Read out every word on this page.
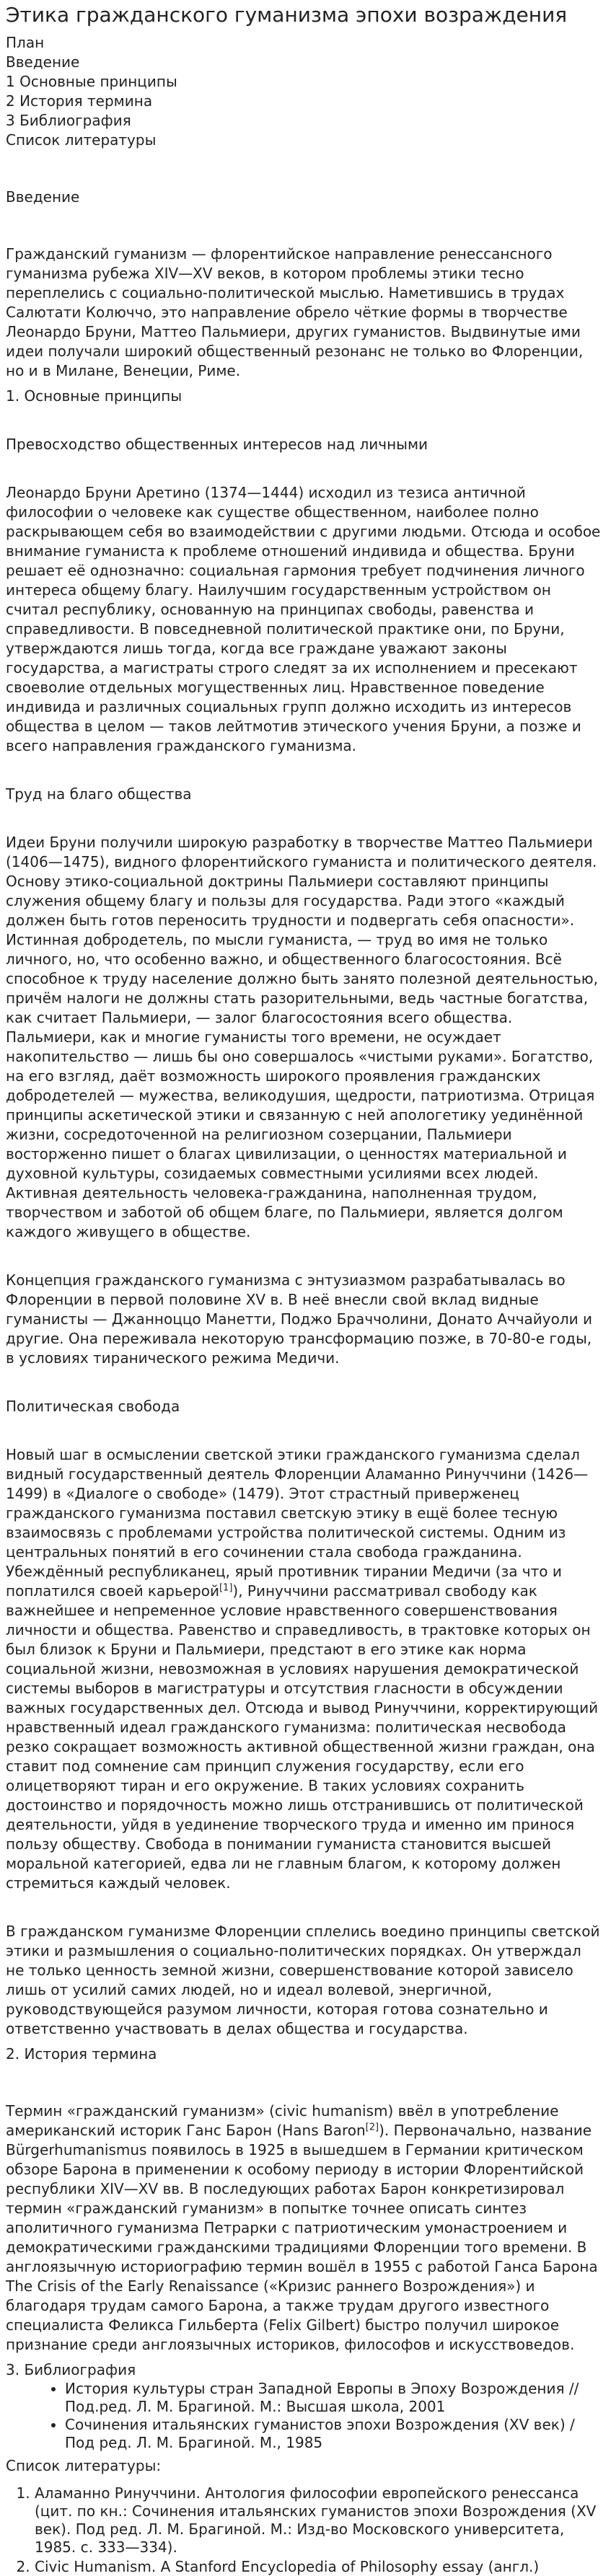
Этика гражданского гуманизма эпохи возраждения

План

Введение

1 Основные принципы

2 История термина

3 Библиография

Список литературы

Введение

Гражданский гуманизм — флорентийское направление ренессансного гуманизма рубежа XIV—XV веков, в котором проблемы этики тесно переплелись с социально-политической мыслью. Наметившись в трудах Салютати Колюччо, это направление обрело чёткие формы в творчестве Леонардо Бруни, Маттео Пальмиери, других гуманистов. Выдвинутые ими идеи получали широкий общественный резонанс не только во Флоренции, но и в Милане, Венеции, Риме.

1. Основные принципы

Превосходство общественных интересов над личными

Леонардо Бруни Аретино (1374—1444) исходил из тезиса античной философии о человеке как существе общественном, наиболее полно раскрывающем себя во взаимодействии с другими людьми. Отсюда и особое внимание гуманиста к проблеме отношений индивида и общества. Бруни решает её однозначно: социальная гармония требует подчинения личного интереса общему благу. Наилучшим государственным устройством он считал республику, основанную на принципах свободы, равенства и справедливости. В повседневной политической практике они, по Бруни, утверждаются лишь тогда, когда все граждане уважают законы государства, а магистраты строго следят за их исполнением и пресекают своеволие отдельных могущественных лиц. Нравственное поведение индивида и различных социальных групп должно исходить из интересов общества в целом — таков лейтмотив этического учения Бруни, а позже и всего направления гражданского гуманизма.

Труд на благо общества

Идеи Бруни получили широкую разработку в творчестве Маттео Пальмиери (1406—1475), видного флорентийского гуманиста и политического деятеля. Основу этико-социальной доктрины Пальмиери составляют принципы служения общему благу и пользы для государства. Ради этого «каждый должен быть готов переносить трудности и подвергать себя опасности». Истинная добродетель, по мысли гуманиста, — труд во имя не только личного, но, что особенно важно, и общественного благосостояния. Всё способное к труду население должно быть занято полезной деятельностью, причём налоги не должны стать разорительными, ведь частные богатства, как считает Пальмиери, — залог благосостояния всего общества. Пальмиери, как и многие гуманисты того времени, не осуждает накопительство — лишь бы оно совершалось «чистыми руками». Богатство, на его взгляд, даёт возможность широкого проявления гражданских добродетелей — мужества, великодушия, щедрости, патриотизма. Отрицая принципы аскетической этики и связанную с ней апологетику уединённой жизни, сосредоточенной на религиозном созерцании, Пальмиери восторженно пишет о благах цивилизации, о ценностях материальной и духовной культуры, созидаемых совместными усилиями всех людей. Активная деятельность человека-гражданина, наполненная трудом, творчеством и заботой об общем благе, по Пальмиери, является долгом каждого живущего в обществе.

Концепция гражданского гуманизма с энтузиазмом разрабатывалась во Флоренции в первой половине XV в. В неё внесли свой вклад видные гуманисты — Джанноццо Манетти, Поджо Браччолини, Донато Аччайуоли и другие. Она переживала некоторую трансформацию позже, в 70-80-е годы, в условиях тиранического режима Медичи.

Политическая свобода

Новый шаг в осмыслении светской этики гражданского гуманизма сделал видный государственный деятель Флоренции Аламанно Ринуччини (1426—1499) в «Диалоге о свободе» (1479). Этот страстный приверженец гражданского гуманизма поставил светскую этику в ещё более тесную взаимосвязь с проблемами устройства политической системы. Одним из центральных понятий в его сочинении стала свобода гражданина. Убеждённый республиканец, ярый противник тирании Медичи (за что и поплатился своей карьерой[1]), Ринуччини рассматривал свободу как важнейшее и непременное условие нравственного совершенствования личности и общества. Равенство и справедливость, в трактовке которых он был близок к Бруни и Пальмиери, предстают в его этике как норма социальной жизни, невозможная в условиях нарушения демократической системы выборов в магистратуры и отсутствия гласности в обсуждении важных государственных дел. Отсюда и вывод Ринуччини, корректирующий нравственный идеал гражданского гуманизма: политическая несвобода резко сокращает возможность активной общественной жизни граждан, она ставит под сомнение сам принцип служения государству, если его олицетворяют тиран и его окружение. В таких условиях сохранить достоинство и порядочность можно лишь отстранившись от политической деятельности, уйдя в уединение творческого труда и именно им принося пользу обществу. Свобода в понимании гуманиста становится высшей моральной категорией, едва ли не главным благом, к которому должен стремиться каждый человек.

В гражданском гуманизме Флоренции сплелись воедино принципы светской этики и размышления о социально-политических порядках. Он утверждал не только ценность земной жизни, совершенствование которой зависело лишь от усилий самих людей, но и идеал волевой, энергичной, руководствующейся разумом личности, которая готова сознательно и ответственно участвовать в делах общества и государства.

2. История термина

Термин «гражданский гуманизм» (civic humanism) ввёл в употребление американский историк Ганс Барон (Hans Baron[2]). Первоначально, название Bürgerhumanismus появилось в 1925 в вышедшем в Германии критическом обзоре Барона в применении к особому периоду в истории Флорентийской республики XIV—XV вв. В последующих работах Барон конкретизировал термин «гражданский гуманизм» в попытке точнее описать синтез аполитичного гуманизма Петрарки с патриотическим умонастроением и демократическими гражданскими традициями Флоренции того времени. В англоязычную историографию термин вошёл в 1955 с работой Ганса Барона The Crisis of the Early Renaissance («Кризис раннего Возрождения») и благодаря трудам самого Барона, а также трудам другого известного специалиста Феликса Гильберта (Felix Gilbert) быстро получил широкое признание среди англоязычных историков, философов и искусствоведов.

3. Библиография

• История культуры стран Западной Европы в Эпоху Возрождения // Под.ред. Л. М. Брагиной. М.: Высшая школа, 2001
• Сочинения итальянских гуманистов эпохи Возрождения (XV век) / Под ред. Л. М. Брагиной. М., 1985

Список литературы:

1. Аламанно Ринуччини. Антология философии европейского ренессанса (цит. по кн.: Сочинения итальянских гуманистов эпохи Возрождения (XV век). Под ред. Л. М. Брагиной. М.: Изд-во Московского университета, 1985. с. 333—334).
2. Civic Humanism. A Stanford Encyclopedia of Philosophy essay (англ.)
